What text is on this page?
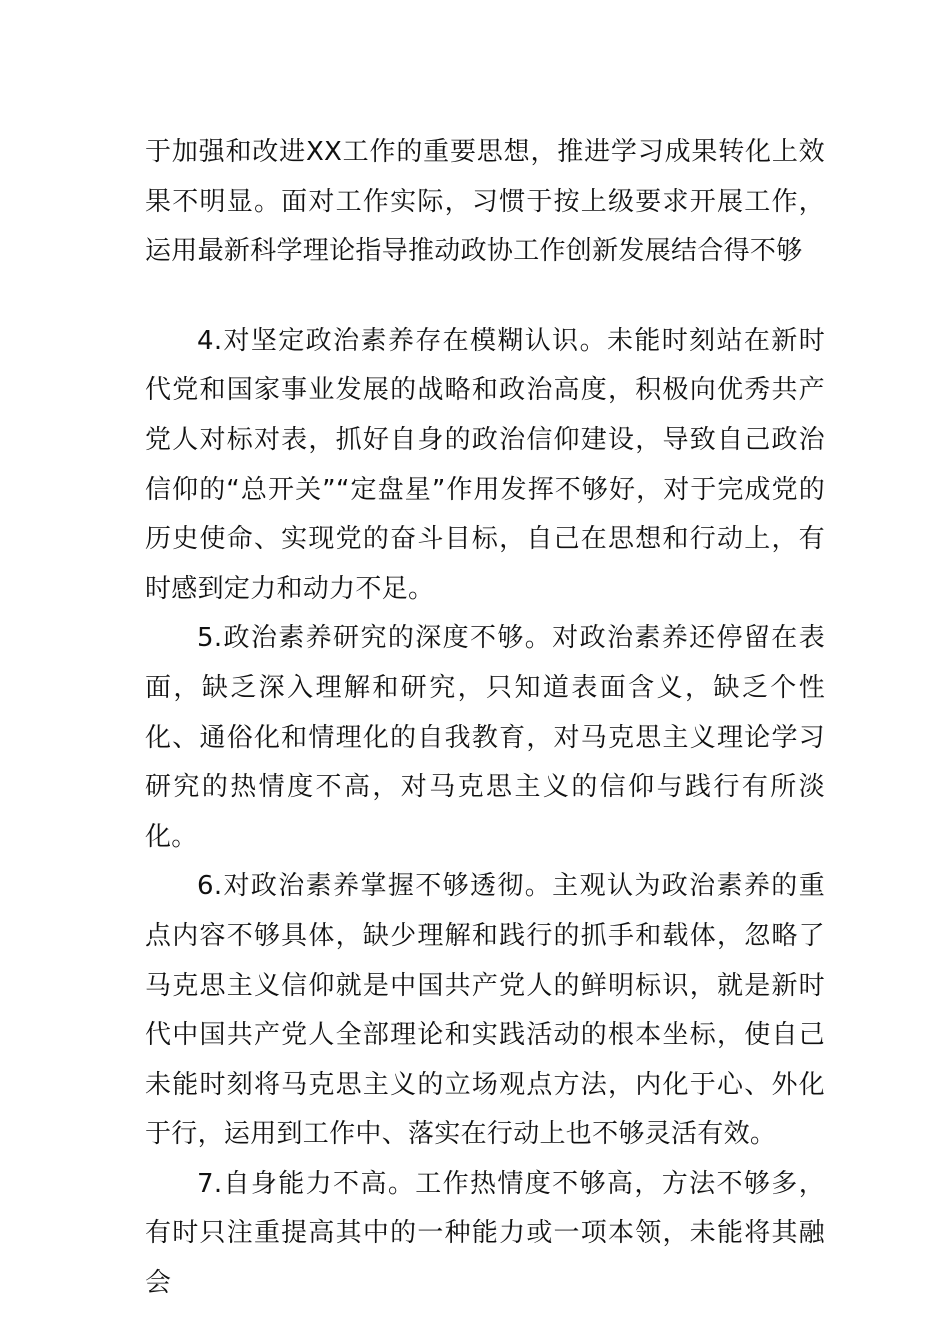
于加强和改进XX工作的重要思想，推进学习成果转化上效果不明显。面对工作实际，习惯于按上级要求开展工作，运用最新科学理论指导推动政协工作创新发展结合得不够

4.对坚定政治素养存在模糊认识。未能时刻站在新时代党和国家事业发展的战略和政治高度，积极向优秀共产党人对标对表，抓好自身的政治信仰建设，导致自己政治信仰的“总开关”“定盘星”作用发挥不够好，对于完成党的历史使命、实现党的奋斗目标，自己在思想和行动上，有时感到定力和动力不足。

5.政治素养研究的深度不够。对政治素养还停留在表面，缺乏深入理解和研究，只知道表面含义，缺乏个性化、通俗化和情理化的自我教育，对马克思主义理论学习研究的热情度不高，对马克思主义的信仰与践行有所淡化。

6.对政治素养掌握不够透彻。主观认为政治素养的重点内容不够具体，缺少理解和践行的抓手和载体，忽略了马克思主义信仰就是中国共产党人的鲜明标识，就是新时代中国共产党人全部理论和实践活动的根本坐标，使自己未能时刻将马克思主义的立场观点方法，内化于心、外化于行，运用到工作中、落实在行动上也不够灵活有效。

7.自身能力不高。工作热情度不够高，方法不够多，有时只注重提高其中的一种能力或一项本领，未能将其融会
